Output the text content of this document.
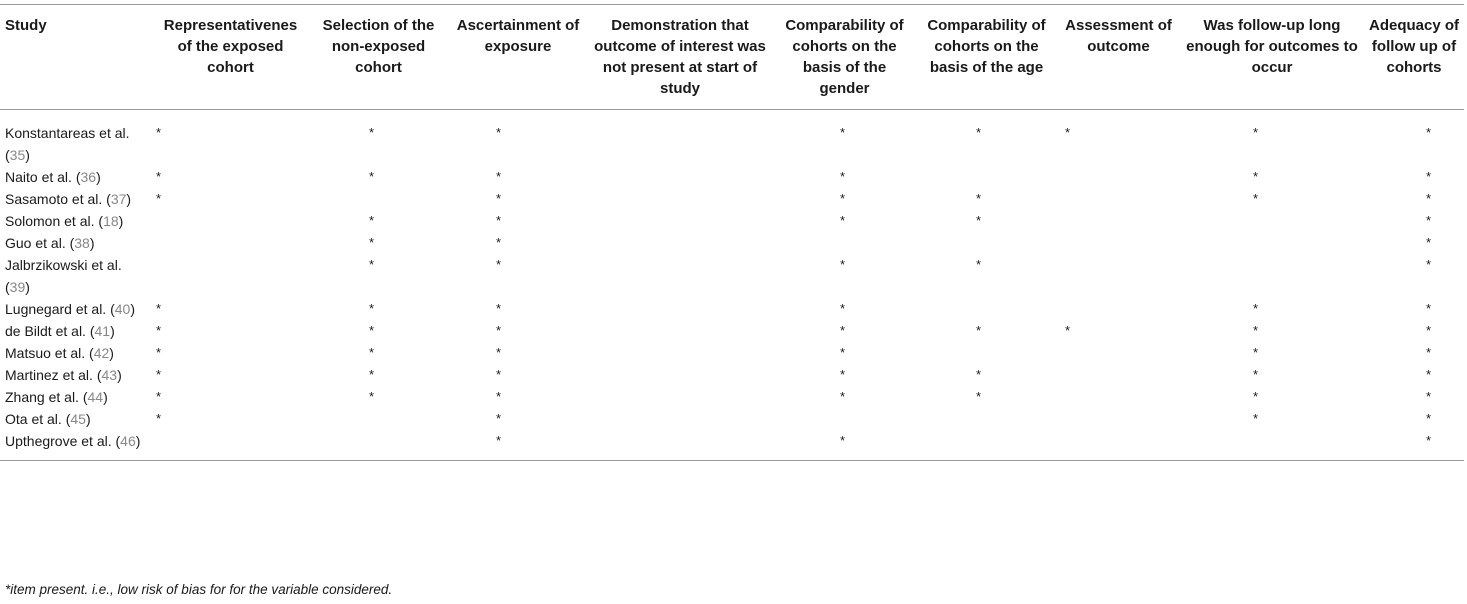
Study	Representativenes of the exposed cohort	Selection of the non-exposed cohort	Ascertainment of exposure	Demonstration that outcome of interest was not present at start of study	Comparability of cohorts on the basis of the gender	Comparability of cohorts on the basis of the age	Assessment of outcome	Was follow-up long enough for outcomes to occur	Adequacy of follow up of cohorts
Konstantareas et al. (35)	*	*	*		*	*	*	*	*
Naito et al. (36)	*	*	*		*			*	*
Sasamoto et al. (37)	*		*		*	*		*	*
Solomon et al. (18)		*	*		*	*			*
Guo et al. (38)		*	*						*
Jalbrzikowski et al. (39)		*	*		*	*			*
Lugnegard et al. (40)	*	*	*		*			*	*
de Bildt et al. (41)	*	*	*		*	*	*	*	*
Matsuo et al. (42)	*	*	*		*			*	*
Martinez et al. (43)	*	*	*		*	*		*	*
Zhang et al. (44)	*	*	*		*	*		*	*
Ota et al. (45)	*		*					*	*
Upthegrove et al. (46)			*		*				*
*item present. i.e., low risk of bias for for the variable considered.
